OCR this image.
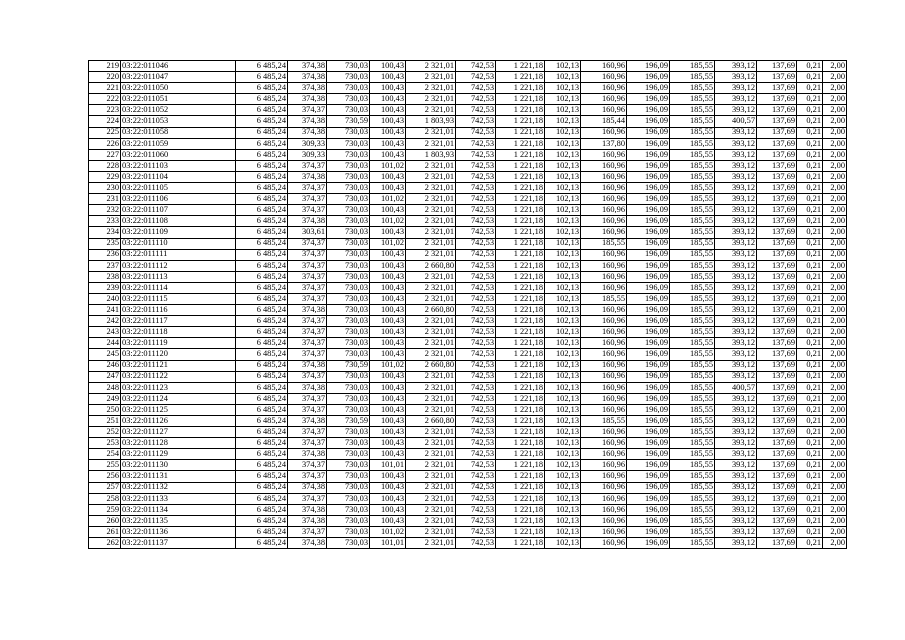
219	03:22:011046	6 485,24	374,38	730,03	100,43	2 321,01	742,53	1 221,18	102,13	160,96	196,09	185,55	393,12	137,69	0,21	2,00
220	03:22:011047	6 485,24	374,38	730,03	100,43	2 321,01	742,53	1 221,18	102,13	160,96	196,09	185,55	393,12	137,69	0,21	2,00
221	03:22:011050	6 485,24	374,38	730,03	100,43	2 321,01	742,53	1 221,18	102,13	160,96	196,09	185,55	393,12	137,69	0,21	2,00
222	03:22:011051	6 485,24	374,38	730,03	100,43	2 321,01	742,53	1 221,18	102,13	160,96	196,09	185,55	393,12	137,69	0,21	2,00
223	03:22:011052	6 485,24	374,37	730,03	100,43	2 321,01	742,53	1 221,18	102,13	160,96	196,09	185,55	393,12	137,69	0,21	2,00
224	03:22:011053	6 485,24	374,38	730,59	100,43	1 803,93	742,53	1 221,18	102,13	185,44	196,09	185,55	400,57	137,69	0,21	2,00
225	03:22:011058	6 485,24	374,38	730,03	100,43	2 321,01	742,53	1 221,18	102,13	160,96	196,09	185,55	393,12	137,69	0,21	2,00
226	03:22:011059	6 485,24	309,33	730,03	100,43	2 321,01	742,53	1 221,18	102,13	137,80	196,09	185,55	393,12	137,69	0,21	2,00
227	03:22:011060	6 485,24	309,33	730,03	100,43	1 803,93	742,53	1 221,18	102,13	160,96	196,09	185,55	393,12	137,69	0,21	2,00
228	03:22:011103	6 485,24	374,37	730,03	101,02	2 321,01	742,53	1 221,18	102,13	160,96	196,09	185,55	393,12	137,69	0,21	2,00
229	03:22:011104	6 485,24	374,38	730,03	100,43	2 321,01	742,53	1 221,18	102,13	160,96	196,09	185,55	393,12	137,69	0,21	2,00
230	03:22:011105	6 485,24	374,37	730,03	100,43	2 321,01	742,53	1 221,18	102,13	160,96	196,09	185,55	393,12	137,69	0,21	2,00
231	03:22:011106	6 485,24	374,37	730,03	101,02	2 321,01	742,53	1 221,18	102,13	160,96	196,09	185,55	393,12	137,69	0,21	2,00
232	03:22:011107	6 485,24	374,37	730,03	100,43	2 321,01	742,53	1 221,18	102,13	160,96	196,09	185,55	393,12	137,69	0,21	2,00
233	03:22:011108	6 485,24	374,38	730,03	101,02	2 321,01	742,53	1 221,18	102,13	160,96	196,09	185,55	393,12	137,69	0,21	2,00
234	03:22:011109	6 485,24	303,61	730,03	100,43	2 321,01	742,53	1 221,18	102,13	160,96	196,09	185,55	393,12	137,69	0,21	2,00
235	03:22:011110	6 485,24	374,37	730,03	101,02	2 321,01	742,53	1 221,18	102,13	185,55	196,09	185,55	393,12	137,69	0,21	2,00
236	03:22:011111	6 485,24	374,37	730,03	100,43	2 321,01	742,53	1 221,18	102,13	160,96	196,09	185,55	393,12	137,69	0,21	2,00
237	03:22:011112	6 485,24	374,37	730,03	100,43	2 660,80	742,53	1 221,18	102,13	160,96	196,09	185,55	393,12	137,69	0,21	2,00
238	03:22:011113	6 485,24	374,37	730,03	100,43	2 321,01	742,53	1 221,18	102,13	160,96	196,09	185,55	393,12	137,69	0,21	2,00
239	03:22:011114	6 485,24	374,37	730,03	100,43	2 321,01	742,53	1 221,18	102,13	160,96	196,09	185,55	393,12	137,69	0,21	2,00
240	03:22:011115	6 485,24	374,37	730,03	100,43	2 321,01	742,53	1 221,18	102,13	185,55	196,09	185,55	393,12	137,69	0,21	2,00
241	03:22:011116	6 485,24	374,38	730,03	100,43	2 660,80	742,53	1 221,18	102,13	160,96	196,09	185,55	393,12	137,69	0,21	2,00
242	03:22:011117	6 485,24	374,37	730,03	100,43	2 321,01	742,53	1 221,18	102,13	160,96	196,09	185,55	393,12	137,69	0,21	2,00
243	03:22:011118	6 485,24	374,37	730,03	100,43	2 321,01	742,53	1 221,18	102,13	160,96	196,09	185,55	393,12	137,69	0,21	2,00
244	03:22:011119	6 485,24	374,37	730,03	100,43	2 321,01	742,53	1 221,18	102,13	160,96	196,09	185,55	393,12	137,69	0,21	2,00
245	03:22:011120	6 485,24	374,37	730,03	100,43	2 321,01	742,53	1 221,18	102,13	160,96	196,09	185,55	393,12	137,69	0,21	2,00
246	03:22:011121	6 485,24	374,38	730,59	101,02	2 660,80	742,53	1 221,18	102,13	160,96	196,09	185,55	393,12	137,69	0,21	2,00
247	03:22:011122	6 485,24	374,37	730,03	100,43	2 321,01	742,53	1 221,18	102,13	160,96	196,09	185,55	393,12	137,69	0,21	2,00
248	03:22:011123	6 485,24	374,38	730,03	100,43	2 321,01	742,53	1 221,18	102,13	160,96	196,09	185,55	400,57	137,69	0,21	2,00
249	03:22:011124	6 485,24	374,37	730,03	100,43	2 321,01	742,53	1 221,18	102,13	160,96	196,09	185,55	393,12	137,69	0,21	2,00
250	03:22:011125	6 485,24	374,37	730,03	100,43	2 321,01	742,53	1 221,18	102,13	160,96	196,09	185,55	393,12	137,69	0,21	2,00
251	03:22:011126	6 485,24	374,38	730,59	100,43	2 660,80	742,53	1 221,18	102,13	185,55	196,09	185,55	393,12	137,69	0,21	2,00
252	03:22:011127	6 485,24	374,37	730,03	100,43	2 321,01	742,53	1 221,18	102,13	160,96	196,09	185,55	393,12	137,69	0,21	2,00
253	03:22:011128	6 485,24	374,37	730,03	100,43	2 321,01	742,53	1 221,18	102,13	160,96	196,09	185,55	393,12	137,69	0,21	2,00
254	03:22:011129	6 485,24	374,38	730,03	100,43	2 321,01	742,53	1 221,18	102,13	160,96	196,09	185,55	393,12	137,69	0,21	2,00
255	03:22:011130	6 485,24	374,37	730,03	101,01	2 321,01	742,53	1 221,18	102,13	160,96	196,09	185,55	393,12	137,69	0,21	2,00
256	03:22:011131	6 485,24	374,37	730,03	100,43	2 321,01	742,53	1 221,18	102,13	160,96	196,09	185,55	393,12	137,69	0,21	2,00
257	03:22:011132	6 485,24	374,38	730,03	100,43	2 321,01	742,53	1 221,18	102,13	160,96	196,09	185,55	393,12	137,69	0,21	2,00
258	03:22:011133	6 485,24	374,37	730,03	100,43	2 321,01	742,53	1 221,18	102,13	160,96	196,09	185,55	393,12	137,69	0,21	2,00
259	03:22:011134	6 485,24	374,38	730,03	100,43	2 321,01	742,53	1 221,18	102,13	160,96	196,09	185,55	393,12	137,69	0,21	2,00
260	03:22:011135	6 485,24	374,38	730,03	100,43	2 321,01	742,53	1 221,18	102,13	160,96	196,09	185,55	393,12	137,69	0,21	2,00
261	03:22:011136	6 485,24	374,37	730,03	101,02	2 321,01	742,53	1 221,18	102,13	160,96	196,09	185,55	393,12	137,69	0,21	2,00
262	03:22:011137	6 485,24	374,38	730,03	101,01	2 321,01	742,53	1 221,18	102,13	160,96	196,09	185,55	393,12	137,69	0,21	2,00
